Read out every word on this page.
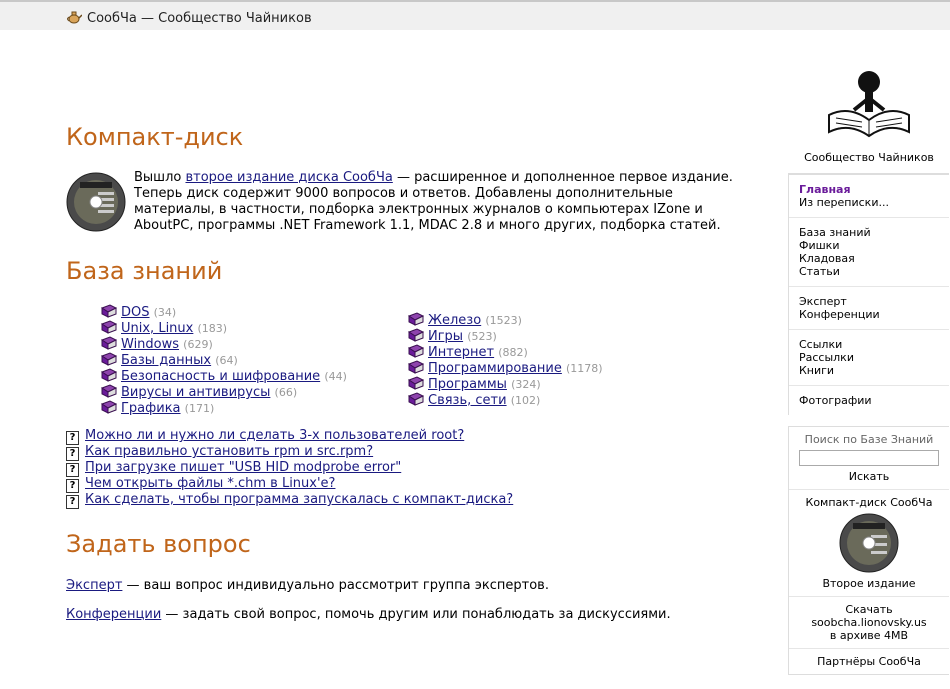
СообЧа — Сообщество Чайников
Компакт-диск
Вышло второе издание диска СообЧа — расширенное и дополненное первое издание. Теперь диск содержит 9000 вопросов и ответов. Добавлены дополнительные материалы, в частности, подборка электронных журналов о компьютерах IZone и AboutPC, программы .NET Framework 1.1, MDAC 2.8 и много других, подборка статей.
База знаний
DOS (34)
Unix, Linux (183)
Windows (629)
Базы данных (64)
Безопасность и шифрование (44)
Вирусы и антивирусы (66)
Графика (171)
Железо (1523)
Игры (523)
Интернет (882)
Программирование (1178)
Программы (324)
Связь, сети (102)
? Можно ли и нужно ли сделать 3-х пользователей root?
? Как правильно установить rpm и src.rpm?
? При загрузке пишет "USB HID modprobe error"
? Чем открыть файлы *.chm в Linux'е?
? Как сделать, чтобы программа запускалась с компакт-диска?
Задать вопрос
Эксперт — ваш вопрос индивидуально рассмотрит группа экспертов.
Конференции — задать свой вопрос, помочь другим или понаблюдать за дискуссиями.
Сообщество Чайников
Главная
Из переписки...
База знаний
Фишки
Кладовая
Статьи
Эксперт
Конференции
Ссылки
Рассылки
Книги
Фотографии
Поиск по Базе Знаний
Искать
Компакт-диск СообЧа
Второе издание
Скачать
soobcha.lionovsky.us
в архиве 4МВ
Партнёры СообЧа
